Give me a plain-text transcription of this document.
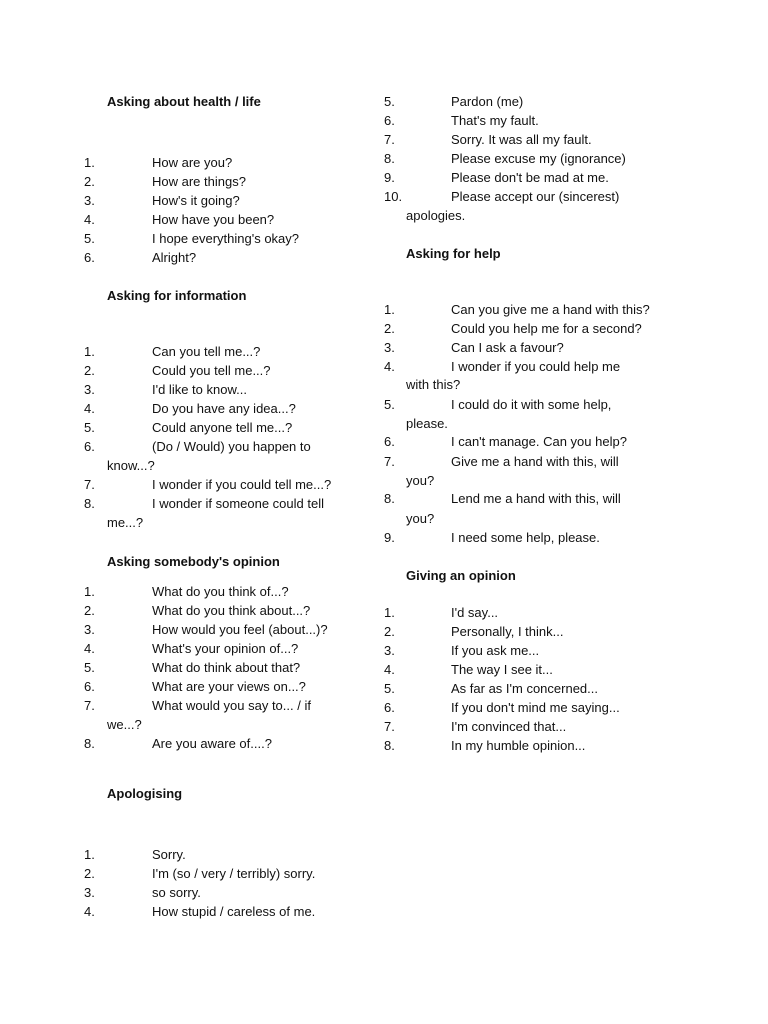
Asking about health / life
1.	How are you?
2.	How are things?
3.	How's it going?
4.	How have you been?
5.	I hope everything's okay?
6.	Alright?
Asking for information
1.	Can you tell me...?
2.	Could you tell me...?
3.	I'd like to know...
4.	Do you have any idea...?
5.	Could anyone tell me...?
6.	(Do / Would) you happen to
know...?
7.	I wonder if you could tell me...?
8.	I wonder if someone could tell
me...?
Asking somebody's opinion
1.	What do you think of...?
2.	What do you think about...?
3.	How would you feel (about...)?
4.	What's your opinion of...?
5.	What do think about that?
6.	What are your views on...?
7.	What would you say to... / if
we...?
8.	Are you aware of....?
Apologising
1.	Sorry.
2.	I'm (so / very / terribly) sorry.
3.	so sorry.
4.	How stupid / careless of me.
5.	Pardon (me)
6.	That's my fault.
7.	Sorry. It was all my fault.
8.	Please excuse my (ignorance)
9.	Please don't be mad at me.
10.	Please accept our (sincerest)
apologies.
Asking for help
1.	Can you give me a hand with this?
2.	Could you help me for a second?
3.	Can I ask a favour?
4.	I wonder if you could help me
with this?
5.	I could do it with some help,
please.
6.	I can't manage. Can you help?
7.	Give me a hand with this, will
you?
8.	Lend me a hand with this, will
you?
9.	I need some help, please.
Giving an opinion
1.	I'd say...
2.	Personally, I think...
3.	If you ask me...
4.	The way I see it...
5.	As far as I'm concerned...
6.	If you don't mind me saying...
7.	I'm convinced that...
8.	In my humble opinion...
